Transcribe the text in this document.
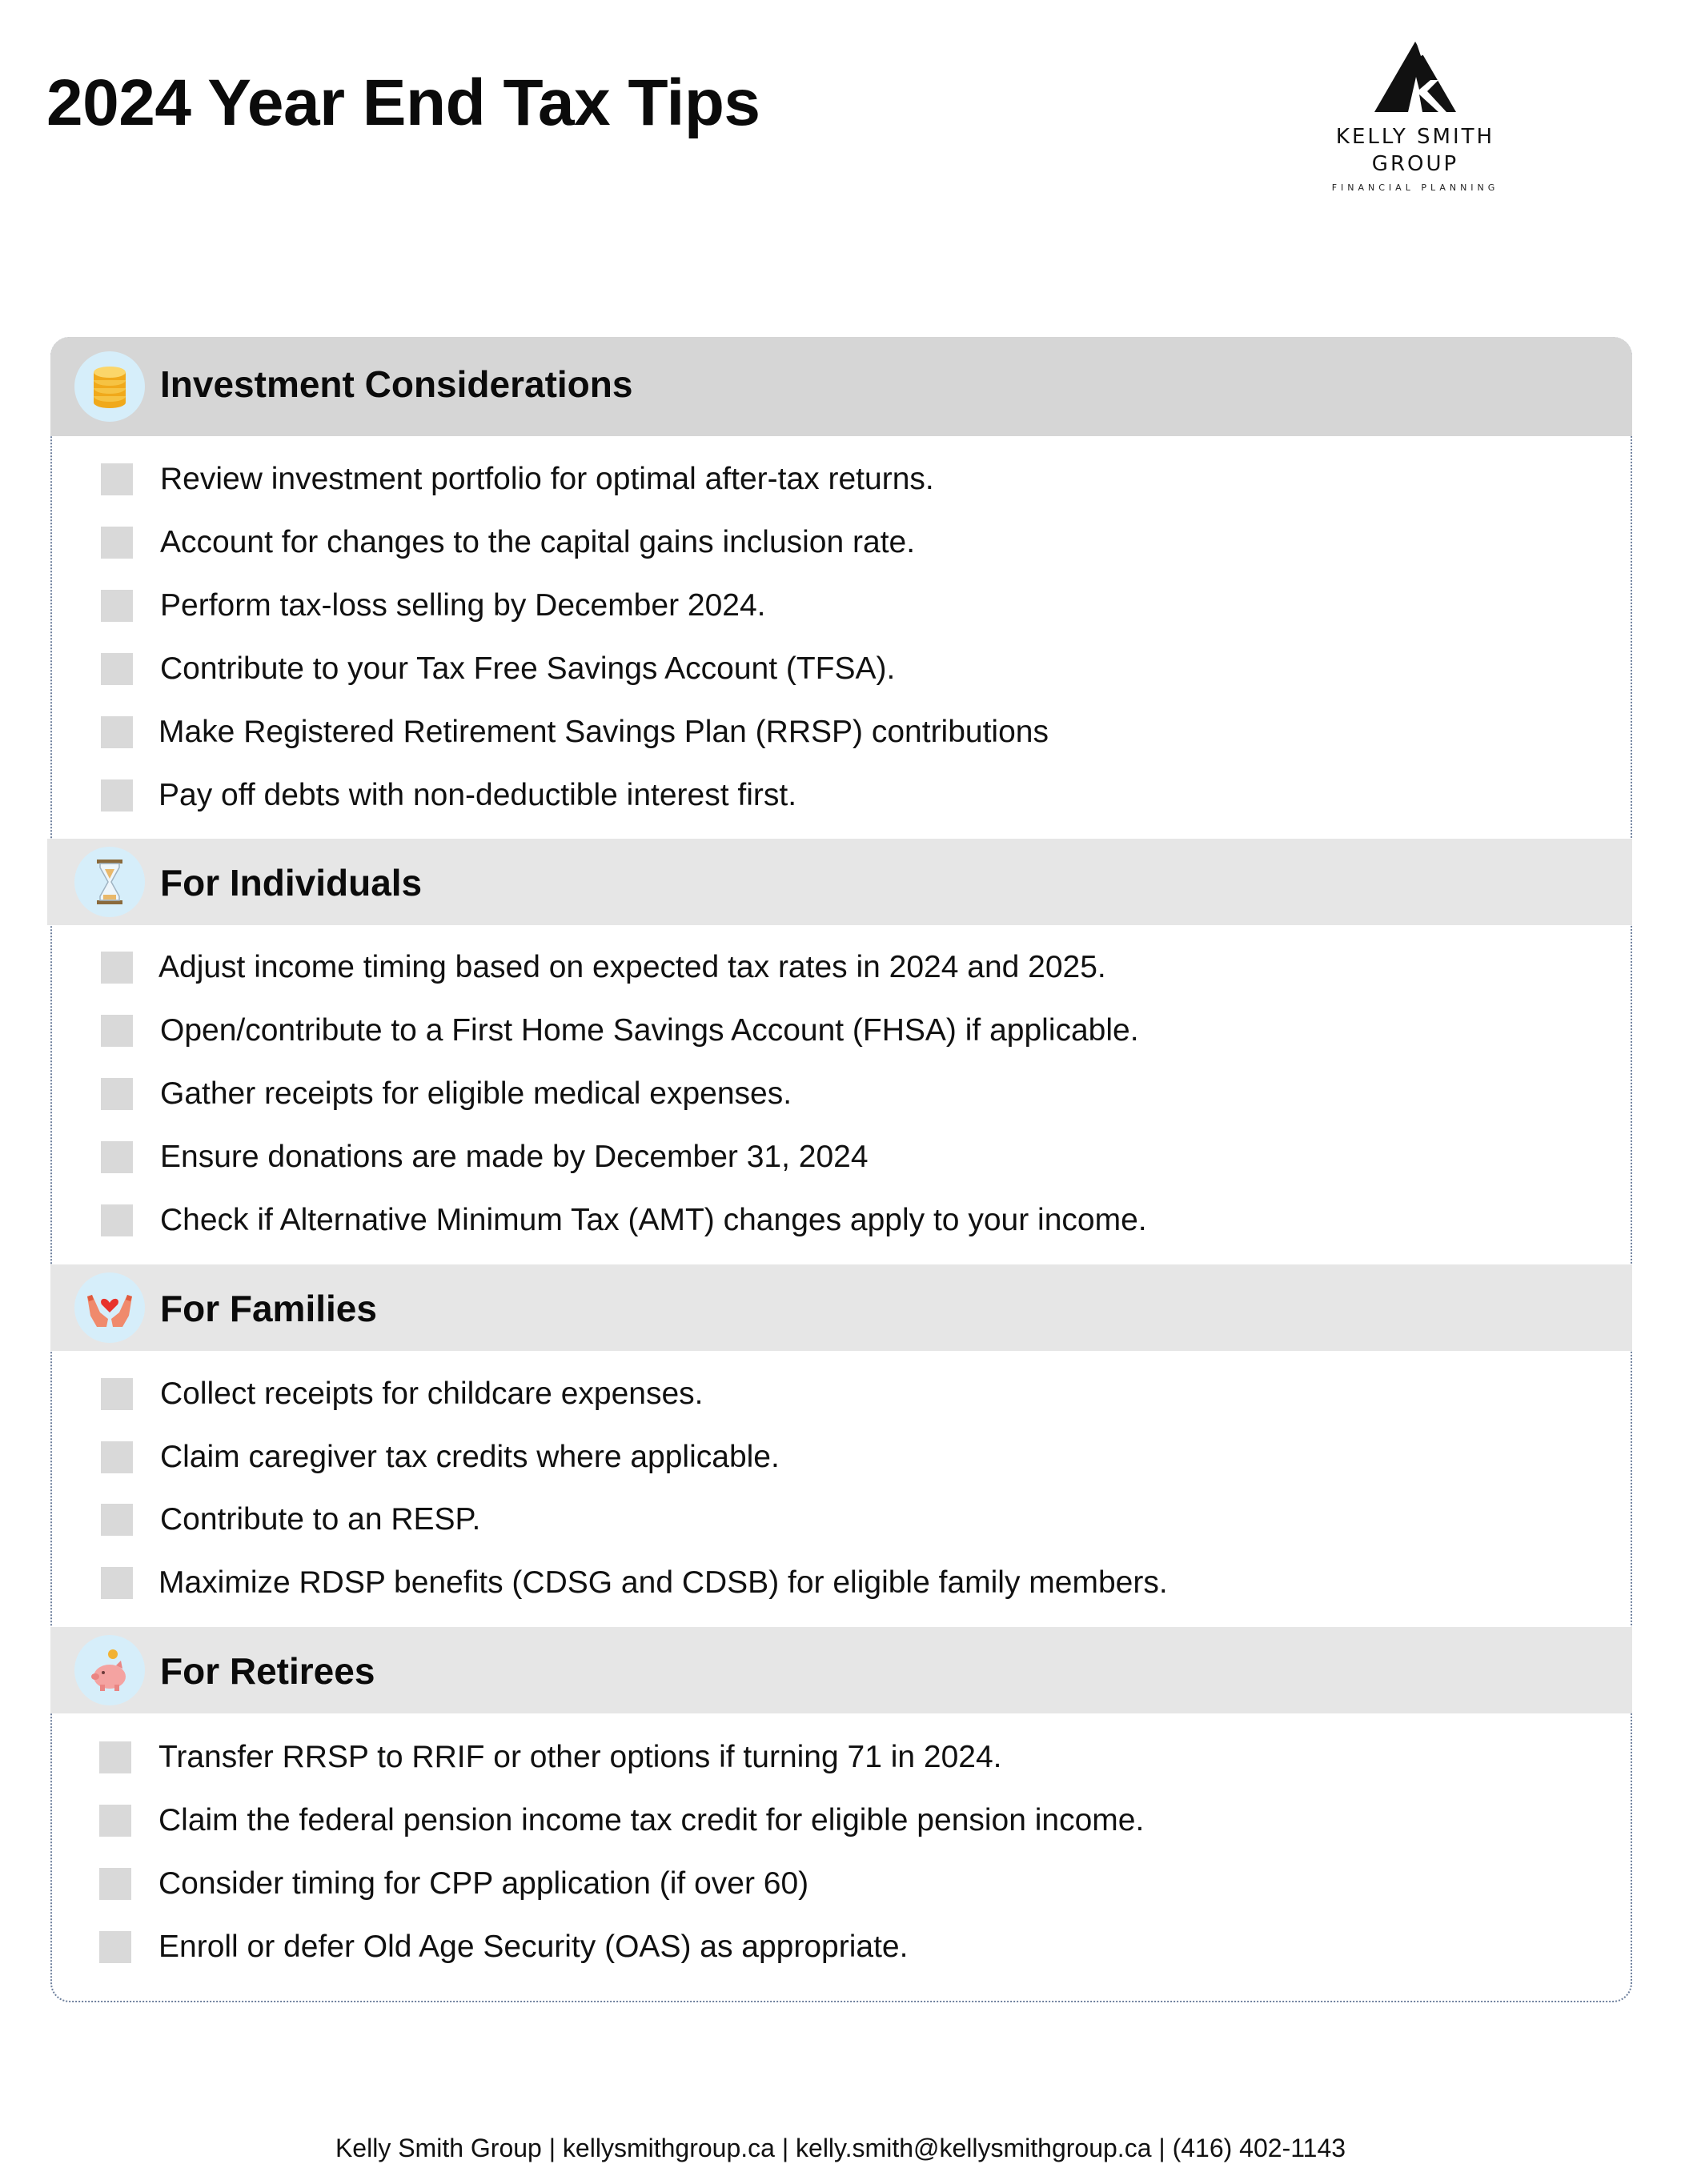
2024 Year End Tax Tips	KELLY SMITH
GROUP
FINANCIAL PLANNING
Investment Considerations
Review investment portfolio for optimal after-tax returns.
Account for changes to the capital gains inclusion rate.
Perform tax-loss selling by December 2024.
Contribute to your Tax Free Savings Account (TFSA).
Make Registered Retirement Savings Plan (RRSP) contributions
Pay off debts with non-deductible interest first.
For Individuals
Adjust income timing based on expected tax rates in 2024 and 2025.
Open/contribute to a First Home Savings Account (FHSA) if applicable.
Gather receipts for eligible medical expenses.
Ensure donations are made by December 31, 2024
Check if Alternative Minimum Tax (AMT) changes apply to your income.
For Families
Collect receipts for childcare expenses.
Claim caregiver tax credits where applicable.
Contribute to an RESP.
Maximize RDSP benefits (CDSG and CDSB) for eligible family members.
For Retirees
Transfer RRSP to RRIF or other options if turning 71 in 2024.
Claim the federal pension income tax credit for eligible pension income.
Consider timing for CPP application (if over 60)
Enroll or defer Old Age Security (OAS) as appropriate.
Kelly Smith Group | kellysmithgroup.ca | kelly.smith@kellysmithgroup.ca | (416) 402-1143
